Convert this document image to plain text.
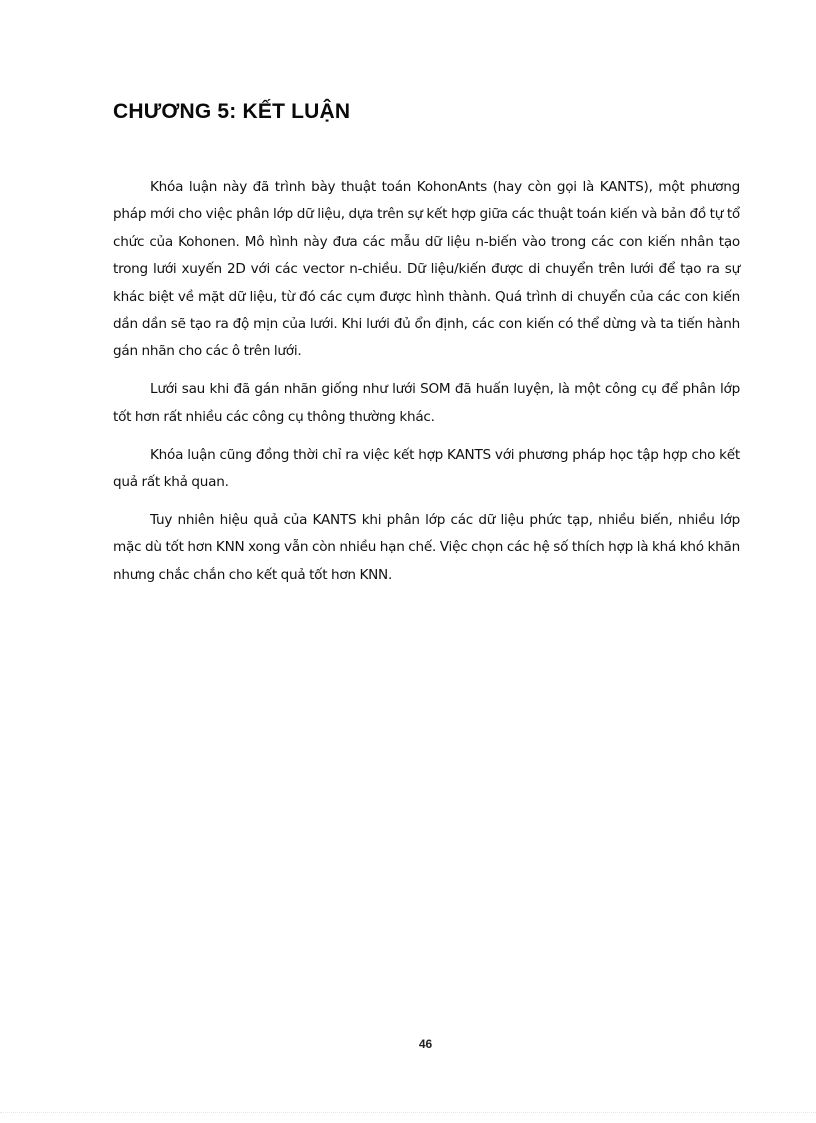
CHƯƠNG 5: KẾT LUẬN

Khóa luận này đã trình bày thuật toán KohonAnts (hay còn gọi là KANTS), một phương pháp mới cho việc phân lớp dữ liệu, dựa trên sự kết hợp giữa các thuật toán kiến và bản đồ tự tổ chức của Kohonen. Mô hình này đưa các mẫu dữ liệu n-biến vào trong các con kiến nhân tạo trong lưới xuyến 2D với các vector n-chiều. Dữ liệu/kiến được di chuyển trên lưới để tạo ra sự khác biệt về mặt dữ liệu, từ đó các cụm được hình thành. Quá trình di chuyển của các con kiến dần dần sẽ tạo ra độ mịn của lưới. Khi lưới đủ ổn định, các con kiến có thể dừng và ta tiến hành gán nhãn cho các ô trên lưới.

Lưới sau khi đã gán nhãn giống như lưới SOM đã huấn luyện, là một công cụ để phân lớp tốt hơn rất nhiều các công cụ thông thường khác.

Khóa luận cũng đồng thời chỉ ra việc kết hợp KANTS với phương pháp học tập hợp cho kết quả rất khả quan.

Tuy nhiên hiệu quả của KANTS khi phân lớp các dữ liệu phức tạp, nhiều biến, nhiều lớp mặc dù tốt hơn KNN xong vẫn còn nhiều hạn chế. Việc chọn các hệ số thích hợp là khá khó khăn nhưng chắc chắn cho kết quả tốt hơn KNN.

46
